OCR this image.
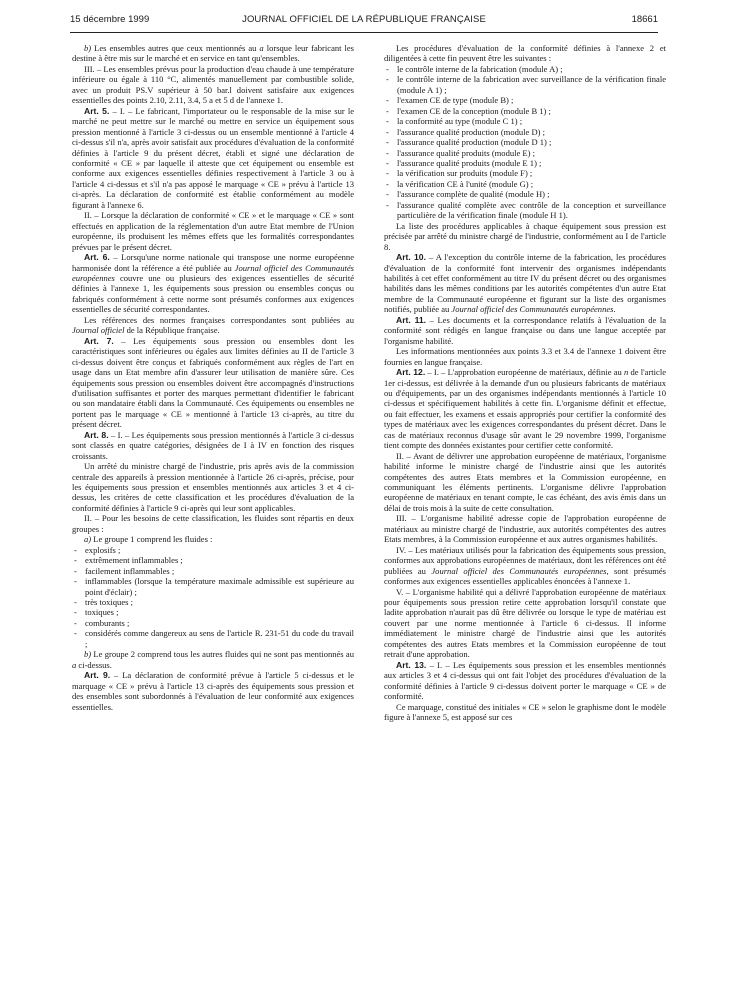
15 décembre 1999	JOURNAL OFFICIEL DE LA RÉPUBLIQUE FRANÇAISE	18661

b) Les ensembles autres que ceux mentionnés au a lorsque leur fabricant les destine à être mis sur le marché et en service en tant qu'ensembles.

III. – Les ensembles prévus pour la production d'eau chaude à une température inférieure ou égale à 110 °C, alimentés manuellement par combustible solide, avec un produit PS.V supérieur à 50 bar.l doivent satisfaire aux exigences essentielles des points 2.10, 2.11, 3.4, 5 a et 5 d de l'annexe 1.

Art. 5. – I. – Le fabricant, l'importateur ou le responsable de la mise sur le marché ne peut mettre sur le marché ou mettre en service un équipement sous pression mentionné à l'article 3 ci-dessus ou un ensemble mentionné à l'article 4 ci-dessus s'il n'a, après avoir satisfait aux procédures d'évaluation de la conformité définies à l'article 9 du présent décret, établi et signé une déclaration de conformité « CE » par laquelle il atteste que cet équipement ou ensemble est conforme aux exigences essentielles définies respectivement à l'article 3 ou à l'article 4 ci-dessus et s'il n'a pas apposé le marquage « CE » prévu à l'article 13 ci-après. La déclaration de conformité est établie conformément au modèle figurant à l'annexe 6.

II. – Lorsque la déclaration de conformité « CE » et le marquage « CE » sont effectués en application de la réglementation d'un autre Etat membre de l'Union européenne, ils produisent les mêmes effets que les formalités correspondantes prévues par le présent décret.

Art. 6. – Lorsqu'une norme nationale qui transpose une norme européenne harmonisée dont la référence a été publiée au Journal officiel des Communautés européennes couvre une ou plusieurs des exigences essentielles de sécurité définies à l'annexe 1, les équipements sous pression ou ensembles conçus ou fabriqués conformément à cette norme sont présumés conformes aux exigences essentielles de sécurité correspondantes.

Les références des normes françaises correspondantes sont publiées au Journal officiel de la République française.

Art. 7. – Les équipements sous pression ou ensembles dont les caractéristiques sont inférieures ou égales aux limites définies au II de l'article 3 ci-dessus doivent être conçus et fabriqués conformément aux règles de l'art en usage dans un Etat membre afin d'assurer leur utilisation de manière sûre. Ces équipements sous pression ou ensembles doivent être accompagnés d'instructions d'utilisation suffisantes et porter des marques permettant d'identifier le fabricant ou son mandataire établi dans la Communauté. Ces équipements ou ensembles ne portent pas le marquage « CE » mentionné à l'article 13 ci-après, au titre du présent décret.

Art. 8. – I. – Les équipements sous pression mentionnés à l'article 3 ci-dessus sont classés en quatre catégories, désignées de I à IV en fonction des risques croissants.

Un arrêté du ministre chargé de l'industrie, pris après avis de la commission centrale des appareils à pression mentionnée à l'article 26 ci-après, précise, pour les équipements sous pression et ensembles mentionnés aux articles 3 et 4 ci-dessus, les critères de cette classification et les procédures d'évaluation de la conformité définies à l'article 9 ci-après qui leur sont applicables.

II. – Pour les besoins de cette classification, les fluides sont répartis en deux groupes :

a) Le groupe 1 comprend les fluides :

- explosifs ;
- extrêmement inflammables ;
- facilement inflammables ;
- inflammables (lorsque la température maximale admissible est supérieure au point d'éclair) ;
- très toxiques ;
- toxiques ;
- comburants ;
- considérés comme dangereux au sens de l'article R. 231-51 du code du travail ;

b) Le groupe 2 comprend tous les autres fluides qui ne sont pas mentionnés au a ci-dessus.

Art. 9. – La déclaration de conformité prévue à l'article 5 ci-dessus et le marquage « CE » prévu à l'article 13 ci-après des équipements sous pression et des ensembles sont subordonnés à l'évaluation de leur conformité aux exigences essentielles.

Les procédures d'évaluation de la conformité définies à l'annexe 2 et diligentées à cette fin peuvent être les suivantes :

- le contrôle interne de la fabrication (module A) ;
- le contrôle interne de la fabrication avec surveillance de la vérification finale (module A 1) ;
- l'examen CE de type (module B) ;
- l'examen CE de la conception (module B 1) ;
- la conformité au type (module C 1) ;
- l'assurance qualité production (module D) ;
- l'assurance qualité production (module D 1) ;
- l'assurance qualité produits (module E) ;
- l'assurance qualité produits (module E 1) ;
- la vérification sur produits (module F) ;
- la vérification CE à l'unité (module G) ;
- l'assurance complète de qualité (module H) ;
- l'assurance qualité complète avec contrôle de la conception et surveillance particulière de la vérification finale (module H 1).

La liste des procédures applicables à chaque équipement sous pression est précisée par arrêté du ministre chargé de l'industrie, conformément au I de l'article 8.

Art. 10. – A l'exception du contrôle interne de la fabrication, les procédures d'évaluation de la conformité font intervenir des organismes indépendants habilités à cet effet conformément au titre IV du présent décret ou des organismes habilités dans les mêmes conditions par les autorités compétentes d'un autre Etat membre de la Communauté européenne et figurant sur la liste des organismes notifiés, publiée au Journal officiel des Communautés européennes.

Art. 11. – Les documents et la correspondance relatifs à l'évaluation de la conformité sont rédigés en langue française ou dans une langue acceptée par l'organisme habilité.

Les informations mentionnées aux points 3.3 et 3.4 de l'annexe 1 doivent être fournies en langue française.

Art. 12. – I. – L'approbation européenne de matériaux, définie au n de l'article 1er ci-dessus, est délivrée à la demande d'un ou plusieurs fabricants de matériaux ou d'équipements, par un des organismes indépendants mentionnés à l'article 10 ci-dessus et spécifiquement habilités à cette fin. L'organisme définit et effectue, ou fait effectuer, les examens et essais appropriés pour certifier la conformité des types de matériaux avec les exigences correspondantes du présent décret. Dans le cas de matériaux reconnus d'usage sûr avant le 29 novembre 1999, l'organisme tient compte des données existantes pour certifier cette conformité.

II. – Avant de délivrer une approbation européenne de matériaux, l'organisme habilité informe le ministre chargé de l'industrie ainsi que les autorités compétentes des autres Etats membres et la Commission européenne, en communiquant les éléments pertinents. L'organisme délivre l'approbation européenne de matériaux en tenant compte, le cas échéant, des avis émis dans un délai de trois mois à la suite de cette consultation.

III. – L'organisme habilité adresse copie de l'approbation européenne de matériaux au ministre chargé de l'industrie, aux autorités compétentes des autres Etats membres, à la Commission européenne et aux autres organismes habilités.

IV. – Les matériaux utilisés pour la fabrication des équipements sous pression, conformes aux approbations européennes de matériaux, dont les références ont été publiées au Journal officiel des Communautés européennes, sont présumés conformes aux exigences essentielles applicables énoncées à l'annexe 1.

V. – L'organisme habilité qui a délivré l'approbation européenne de matériaux pour équipements sous pression retire cette approbation lorsqu'il constate que ladite approbation n'aurait pas dû être délivrée ou lorsque le type de matériau est couvert par une norme mentionnée à l'article 6 ci-dessus. Il informe immédiatement le ministre chargé de l'industrie ainsi que les autorités compétentes des autres Etats membres et la Commission européenne de tout retrait d'une approbation.

Art. 13. – I. – Les équipements sous pression et les ensembles mentionnés aux articles 3 et 4 ci-dessus qui ont fait l'objet des procédures d'évaluation de la conformité définies à l'article 9 ci-dessus doivent porter le marquage « CE » de conformité.

Ce marquage, constitué des initiales « CE » selon le graphisme dont le modèle figure à l'annexe 5, est apposé sur ces
